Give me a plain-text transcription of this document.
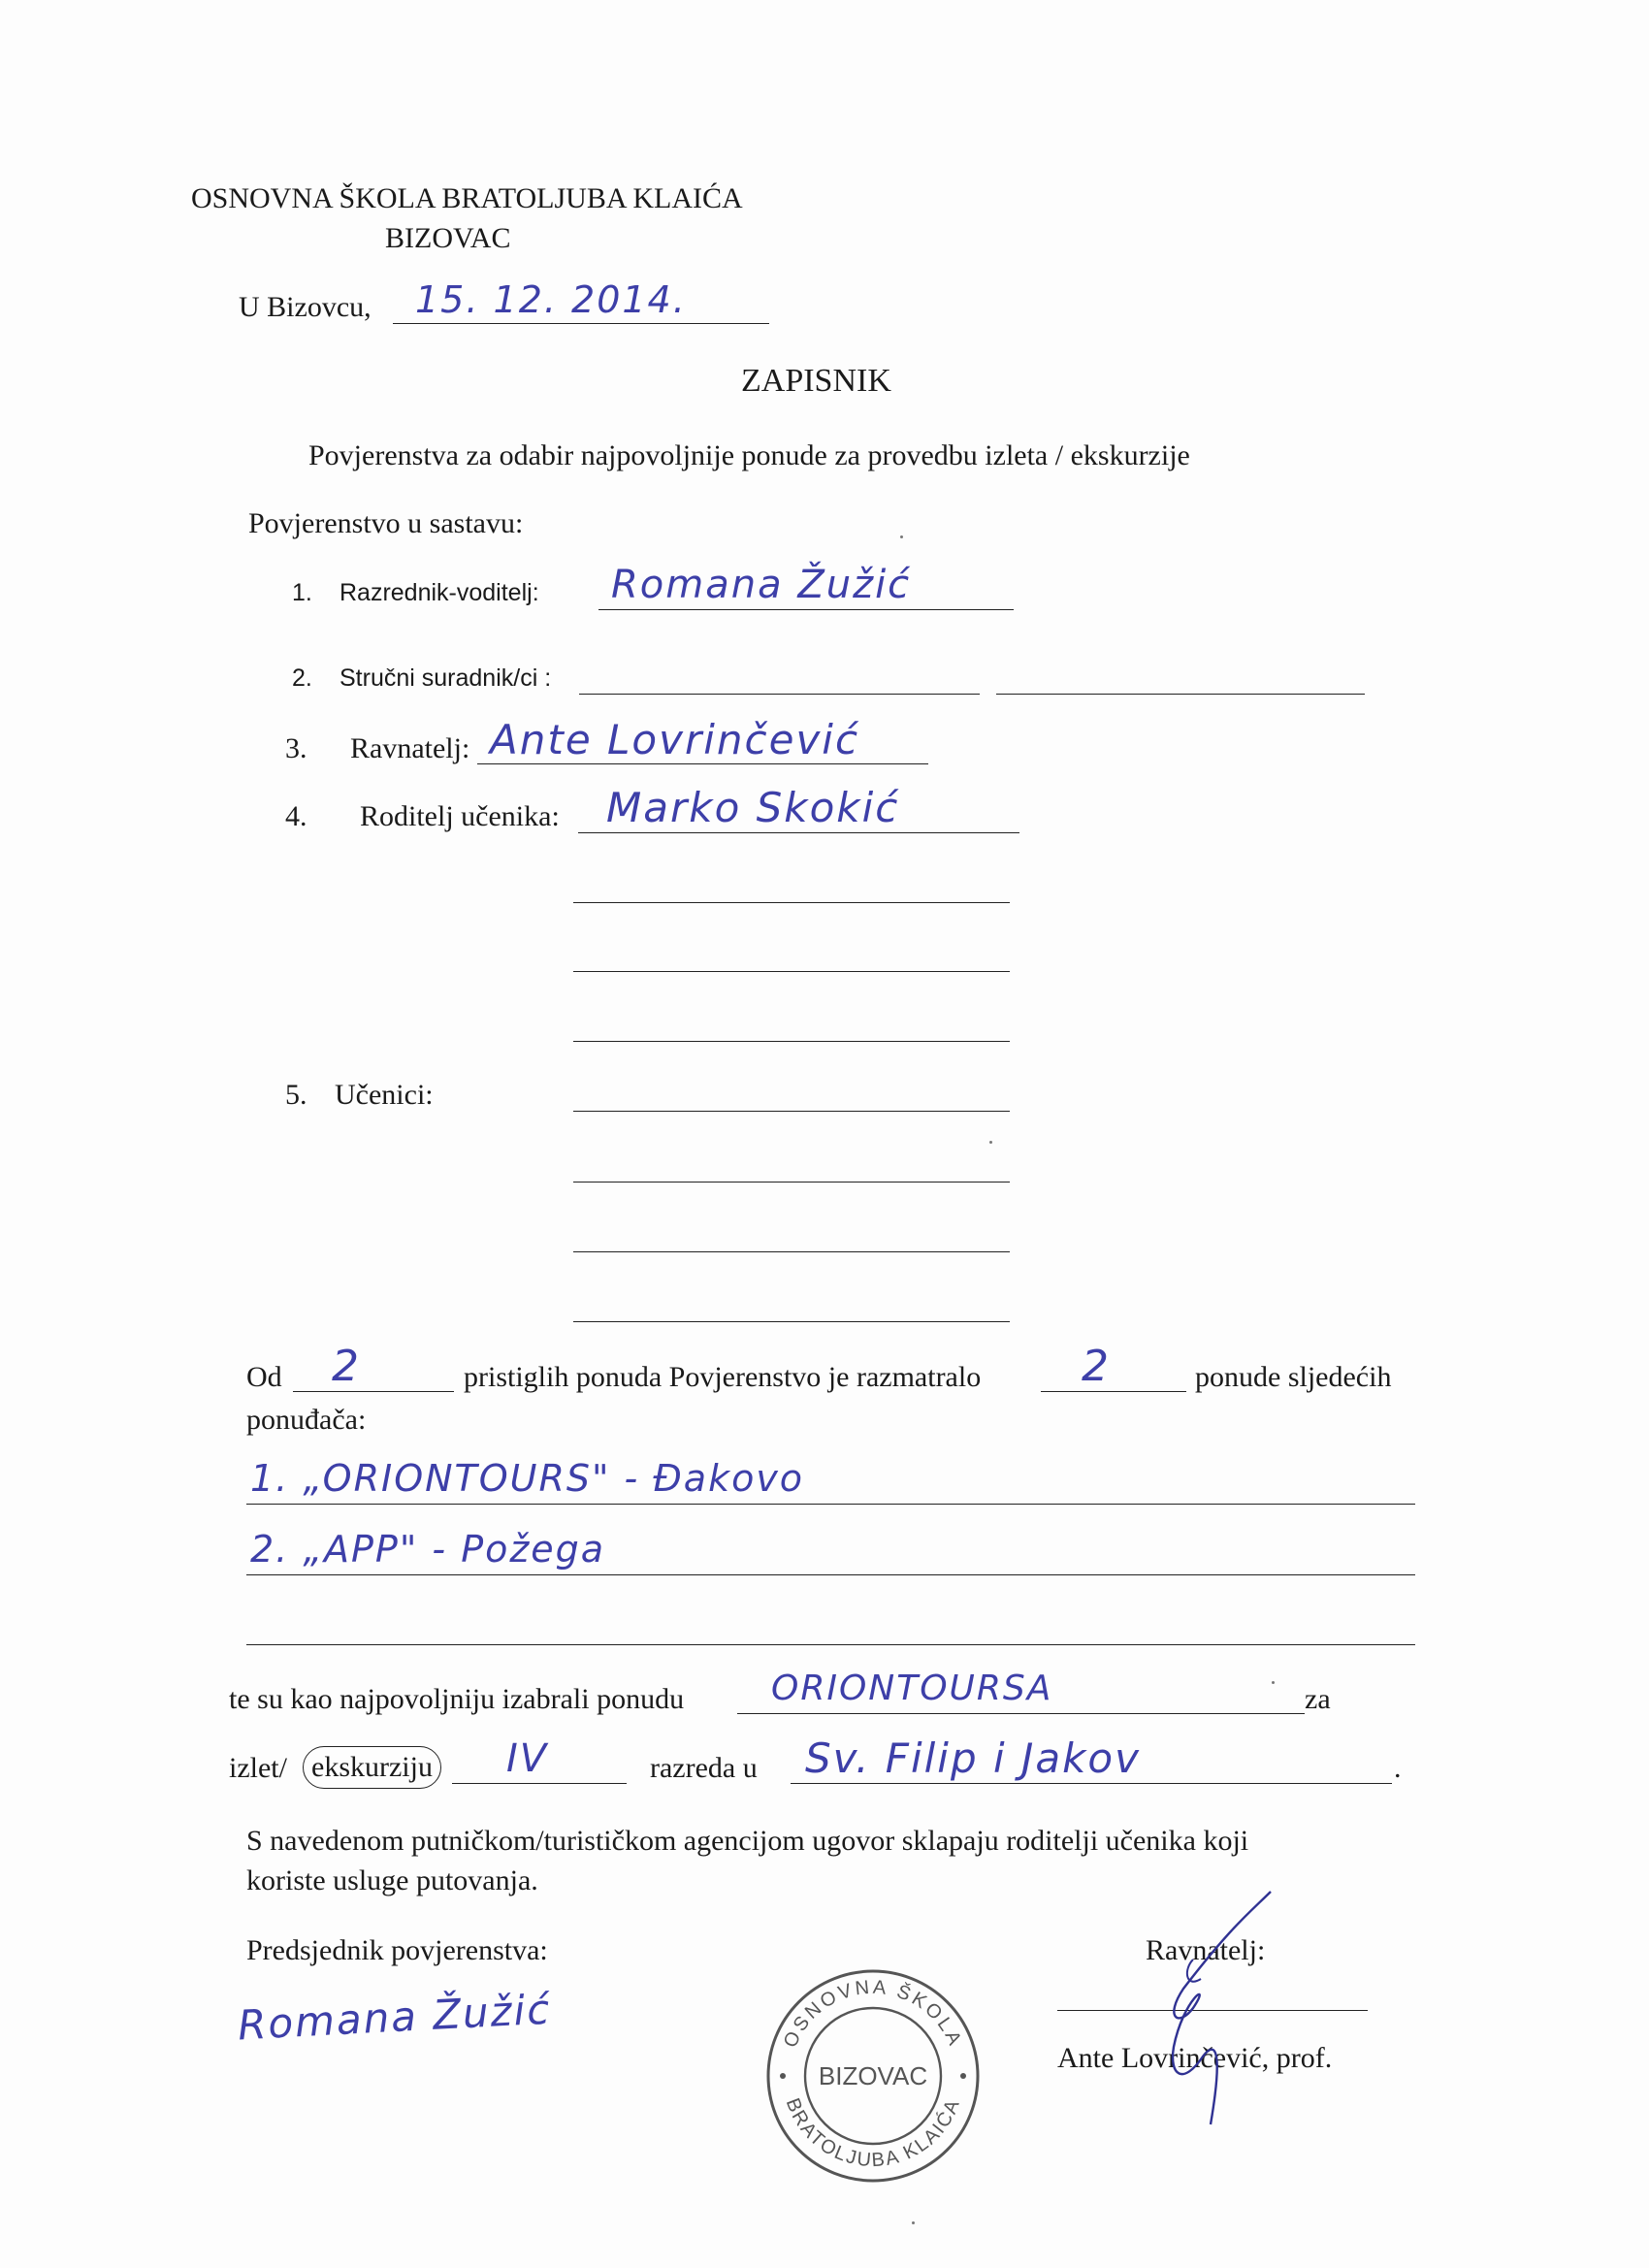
OSNOVNA ŠKOLA BRATOLJUBA KLAIĆA
BIZOVAC
U Bizovcu, 15. 12. 2014.
ZAPISNIK
Povjerenstva za odabir najpovoljnije ponude za provedbu izleta / ekskurzije
Povjerenstvo u sastavu:
1. Razrednik-voditelj: Romana Žužić
2. Stručni suradnik/ci :
3. Ravnatelj: Ante Lovrinčević
4. Roditelj učenika: Marko Skokić
5. Učenici:
Od 2	pristiglih ponuda Povjerenstvo je razmatralo 2	ponude sljedećih
ponuđača:
1. „ORIONTOURS" - Đakovo
2. „APP" - Požega
te su kao najpovoljniju izabrali ponudu ORIONTOURSA	za
izlet/ ekskurziju IV	razreda u Sv. Filip i Jakov	.
S navedenom putničkom/turističkom agencijom ugovor sklapaju roditelji učenika koji
koriste usluge putovanja.
Predsjednik povjerenstva:
Romana Žužić
Ravnatelj:
Ante Lovrinčević, prof.
OSNOVNA ŠKOLA
BRATOLJUBA KLAIĆA
BIZOVAC
